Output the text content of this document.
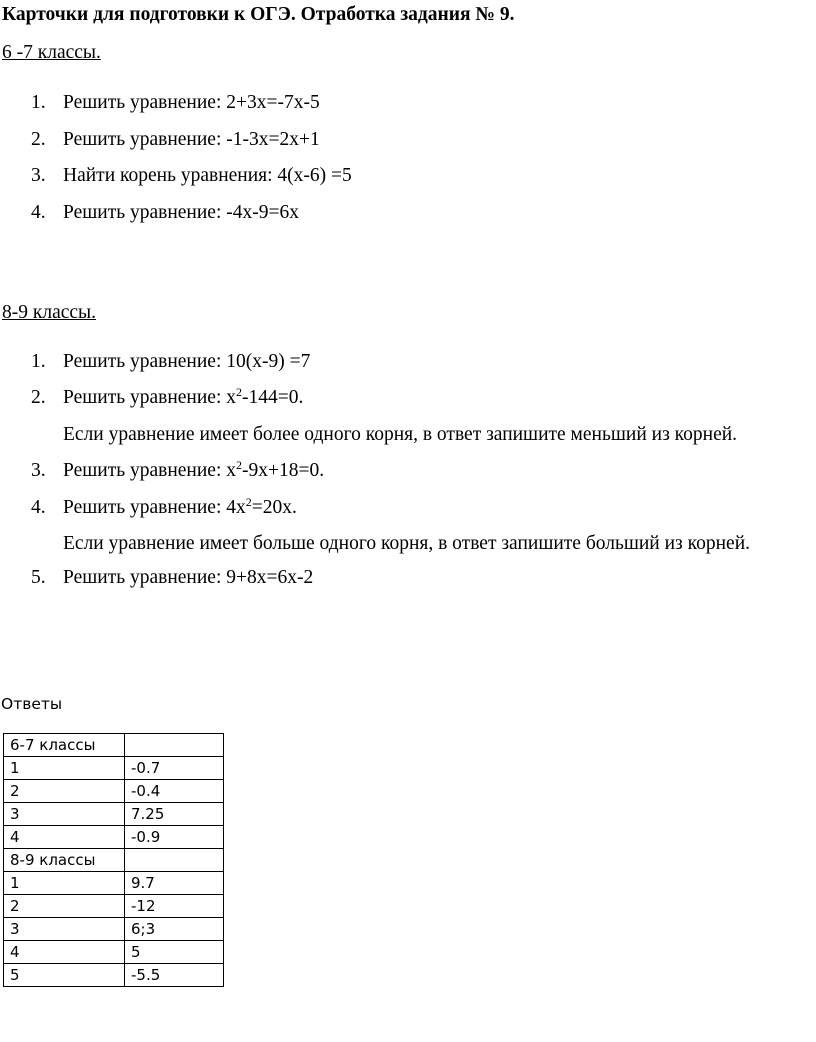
Карточки для подготовки к ОГЭ. Отработка задания № 9.
6 -7 классы.
1. Решить уравнение: 2+3x=-7x-5
2. Решить уравнение: -1-3x=2x+1
3. Найти корень уравнения: 4(x-6) =5
4. Решить уравнение: -4x-9=6x
8-9 классы.
1. Решить уравнение: 10(x-9) =7
2. Решить уравнение: $x^2-144=0$.
Если уравнение имеет более одного корня, в ответ запишите меньший из корней.
3. Решить уравнение: $x^2-9x+18=0$.
4. Решить уравнение: $4x^2=20x$.
Если уравнение имеет больше одного корня, в ответ запишите больший из корней.
5. Решить уравнение: 9+8x=6x-2
Ответы
6-7 классы	
1	-0.7
2	-0.4
3	7.25
4	-0.9
8-9 классы	
1	9.7
2	-12
3	6;3
4	5
5	-5.5
